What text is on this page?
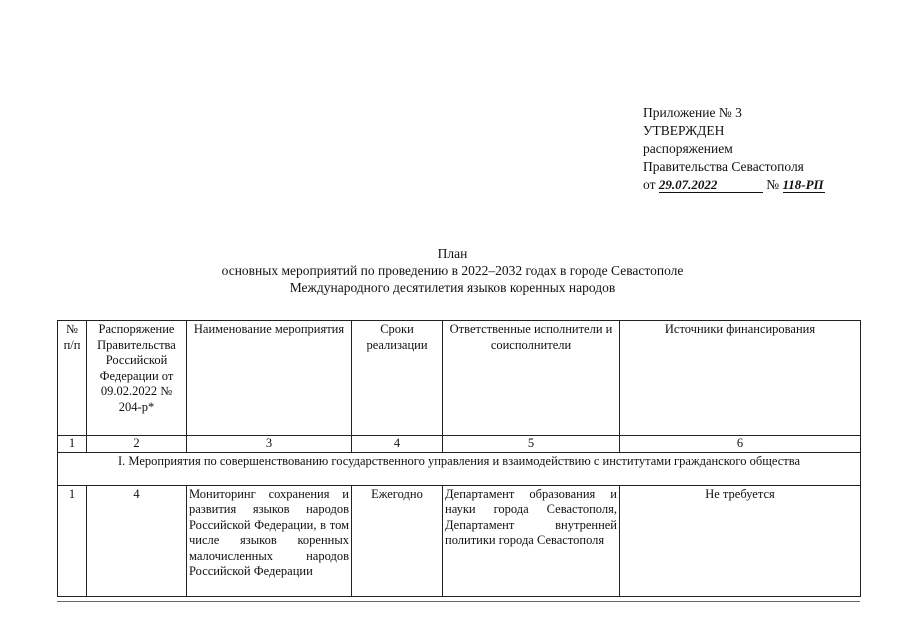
Приложение № 3
УТВЕРЖДЕН
распоряжением
Правительства Севастополя
от 29.07.2022	№ 118-РП
План
основных мероприятий по проведению в 2022–2032 годах в городе Севастополе
Международного десятилетия языков коренных народов
№ п/п	Распоряжение Правительства Российской Федерации от 09.02.2022 № 204-р*	Наименование мероприятия	Сроки реализации	Ответственные исполнители и соисполнители	Источники финансирования
1	2	3	4	5	6
I. Мероприятия по совершенствованию государственного управления и взаимодействию с институтами гражданского общества					
1	4	Мониторинг сохранения и развития языков народов Российской Федерации, в том числе языков коренных малочисленных народов Российской Федерации	Ежегодно	Департамент образования и науки города Севастополя, Департамент внутренней политики города Севастополя	Не требуется
